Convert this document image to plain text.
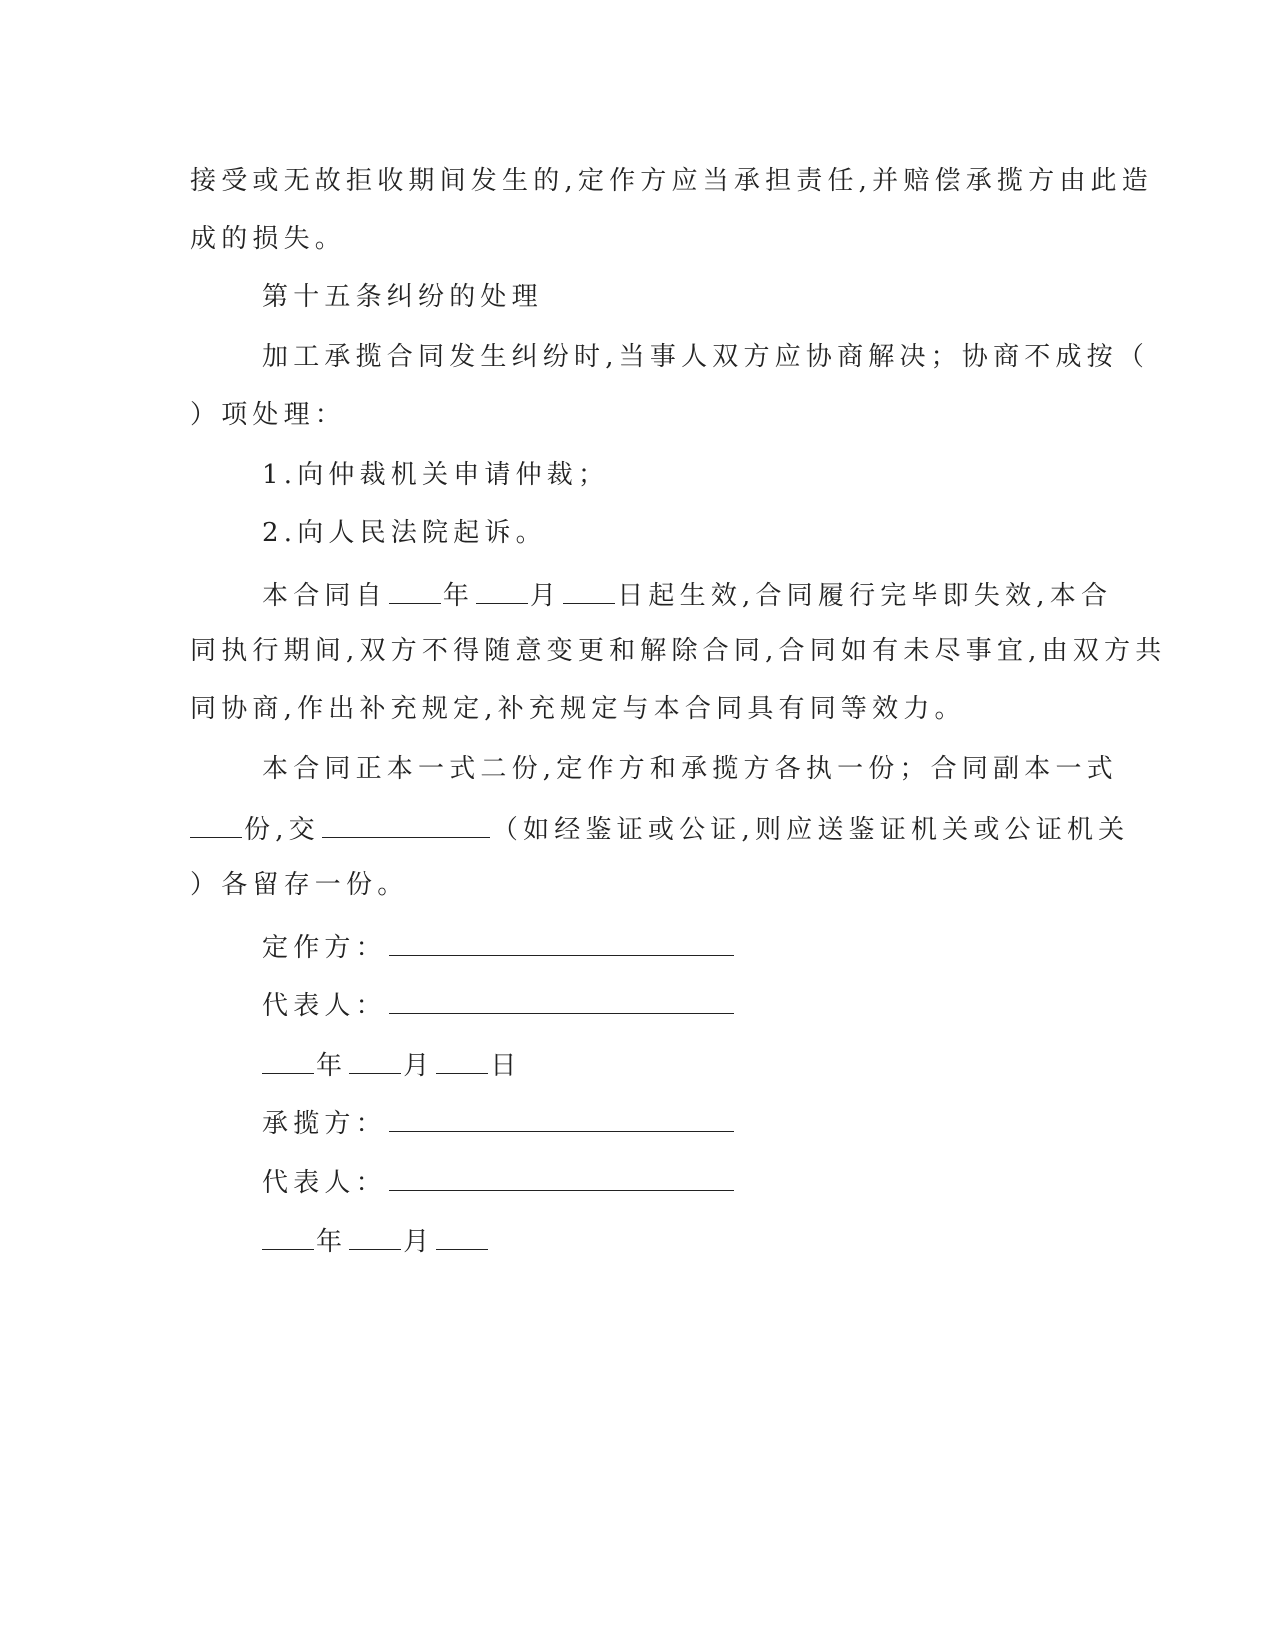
接受或无故拒收期间发生的,定作方应当承担责任,并赔偿承揽方由此造
成的损失。
第十五条纠纷的处理
加工承揽合同发生纠纷时,当事人双方应协商解决；协商不成按（
）项处理：
1.向仲裁机关申请仲裁；
2.向人民法院起诉。
本合同自 年 月 日起生效,合同履行完毕即失效,本合
同执行期间,双方不得随意变更和解除合同,合同如有未尽事宜,由双方共
同协商,作出补充规定,补充规定与本合同具有同等效力。
本合同正本一式二份,定作方和承揽方各执一份；合同副本一式
份,交	（如经鉴证或公证,则应送鉴证机关或公证机关
）各留存一份。
定作方：
代表人：
年 月 日
承揽方：
代表人：
年 月
